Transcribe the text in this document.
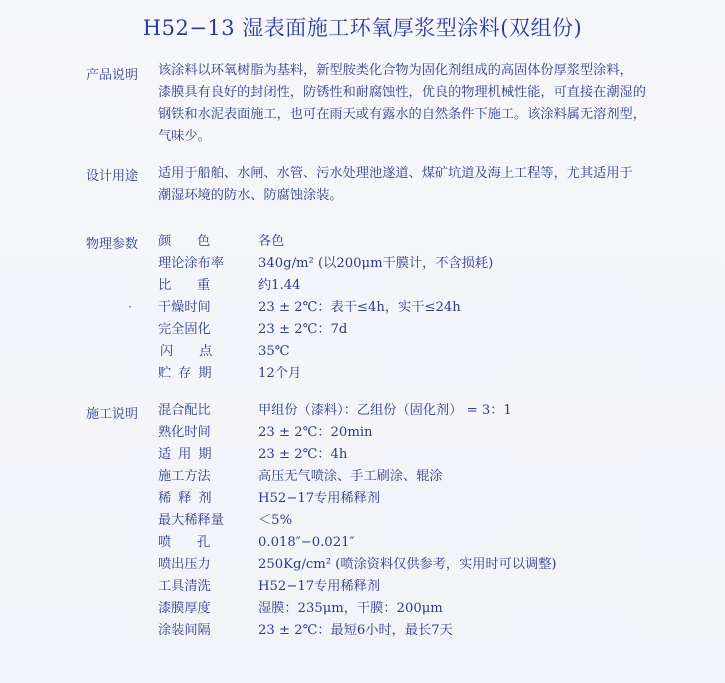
H52−13 湿表面施工环氧厚浆型涂料(双组份)
产品说明 该涂料以环氧树脂为基料，新型胺类化合物为固化剂组成的高固体份厚浆型涂料，
漆膜具有良好的封闭性，防锈性和耐腐蚀性，优良的物理机械性能，可直接在潮湿的
钢铁和水泥表面施工，也可在雨天或有露水的自然条件下施工。该涂料属无溶剂型，
气味少。
设计用途 适用于船舶、水闸、水管、污水处理池遂道、煤矿坑道及海上工程等，尤其适用于
潮湿环境的防水、防腐蚀涂装。
物理参数 颜色 各色
理论涂布率	340g/m² (以200μm干膜计，不含损耗)
比重 约1.44
· 干燥时间	23 ± 2℃：表干≤4h，实干≤24h
完全固化	23 ± 2℃：7d
闪点 35℃
贮存期	12个月
施工说明 混合配比	甲组份（漆料）：乙组份（固化剂） = 3：1
熟化时间	23 ± 2℃：20min
适用期	23 ± 2℃：4h
施工方法	高压无气喷涂、手工刷涂、辊涂
稀释剂	H52−17专用稀释剂
最大稀释量	＜5%
喷孔 0.018″−0.021″
喷出压力	250Kg/cm² (喷涂资料仅供参考，实用时可以调整)
工具清洗	H52−17专用稀释剂
漆膜厚度	湿膜：235μm，干膜：200μm
涂装间隔	23 ± 2℃：最短6小时，最长7天
